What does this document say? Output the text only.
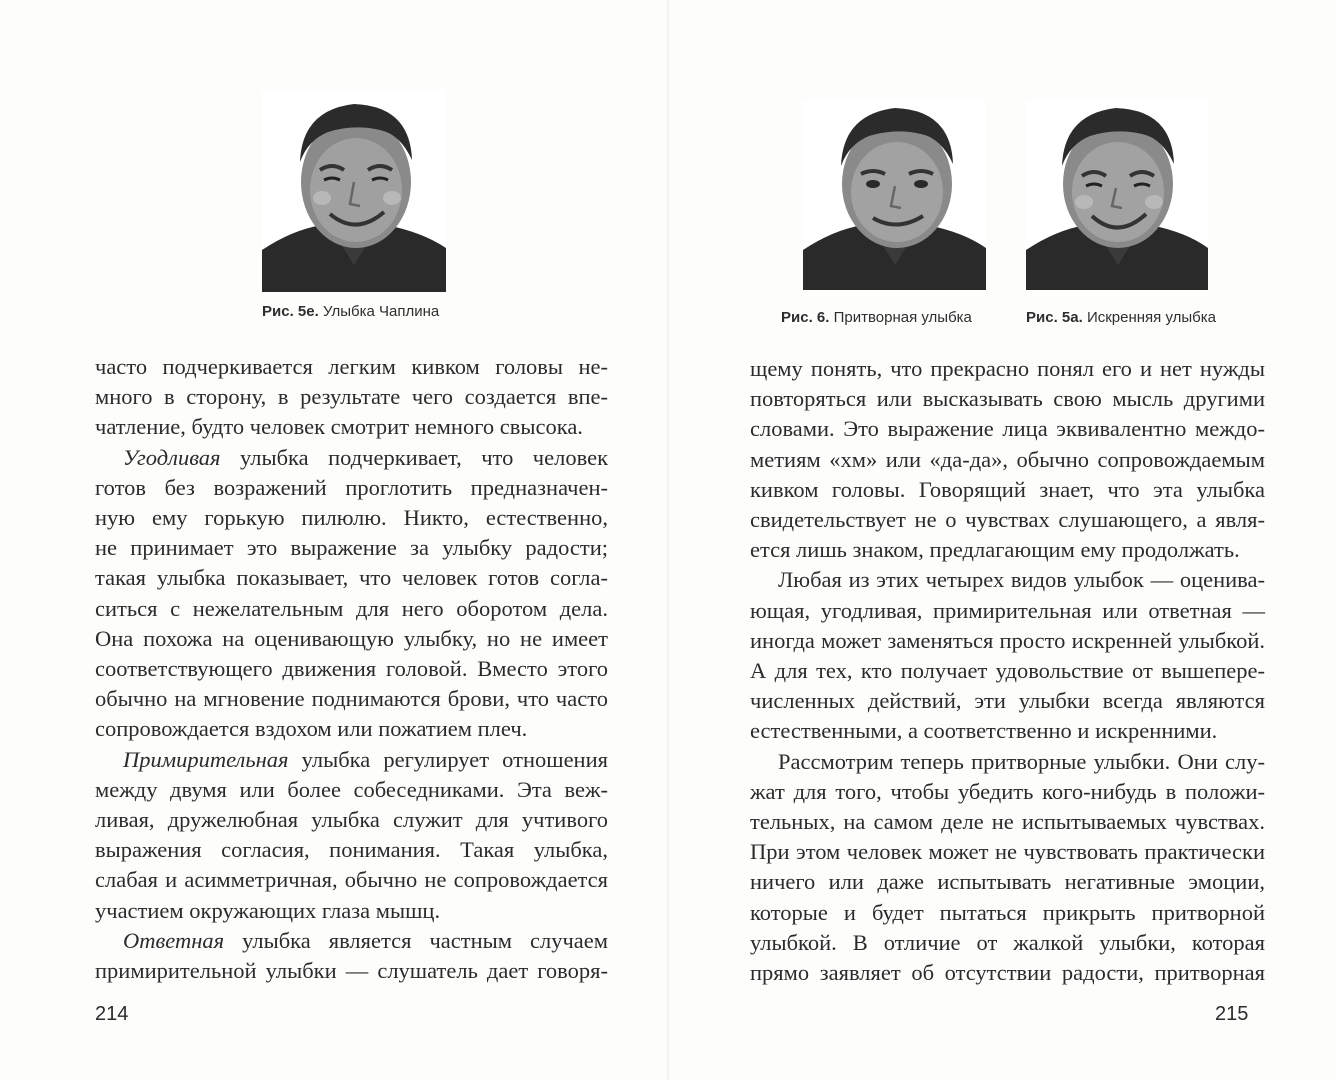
Рис. 5е. Улыбка Чаплина

часто подчеркивается легким кивком головы не-
много в сторону, в результате чего создается впе-
чатление, будто человек смотрит немного свысока.

Угодливая улыбка подчеркивает, что человек
готов без возражений проглотить предназначен-
ную ему горькую пилюлю. Никто, естественно,
не принимает это выражение за улыбку радости;
такая улыбка показывает, что человек готов согла-
ситься с нежелательным для него оборотом дела.
Она похожа на оценивающую улыбку, но не имеет
соответствующего движения головой. Вместо этого
обычно на мгновение поднимаются брови, что часто
сопровождается вздохом или пожатием плеч.

Примирительная улыбка регулирует отношения
между двумя или более собеседниками. Эта веж-
ливая, дружелюбная улыбка служит для учтивого
выражения согласия, понимания. Такая улыбка,
слабая и асимметричная, обычно не сопровождается
участием окружающих глаза мышц.

Ответная улыбка является частным случаем
примирительной улыбки — слушатель дает говоря-

214
Рис. 6. Притворная улыбка	Рис. 5а. Искренняя улыбка

щему понять, что прекрасно понял его и нет нужды
повторяться или высказывать свою мысль другими
словами. Это выражение лица эквивалентно междо-
метиям «хм» или «да-да», обычно сопровождаемым
кивком головы. Говорящий знает, что эта улыбка
свидетельствует не о чувствах слушающего, а явля-
ется лишь знаком, предлагающим ему продолжать.

Любая из этих четырех видов улыбок — оценива-
ющая, угодливая, примирительная или ответная —
иногда может заменяться просто искренней улыбкой.
А для тех, кто получает удовольствие от вышепере-
численных действий, эти улыбки всегда являются
естественными, а соответственно и искренними.

Рассмотрим теперь притворные улыбки. Они слу-
жат для того, чтобы убедить кого-нибудь в положи-
тельных, на самом деле не испытываемых чувствах.
При этом человек может не чувствовать практически
ничего или даже испытывать негативные эмоции,
которые и будет пытаться прикрыть притворной
улыбкой. В отличие от жалкой улыбки, которая
прямо заявляет об отсутствии радости, притворная

215
